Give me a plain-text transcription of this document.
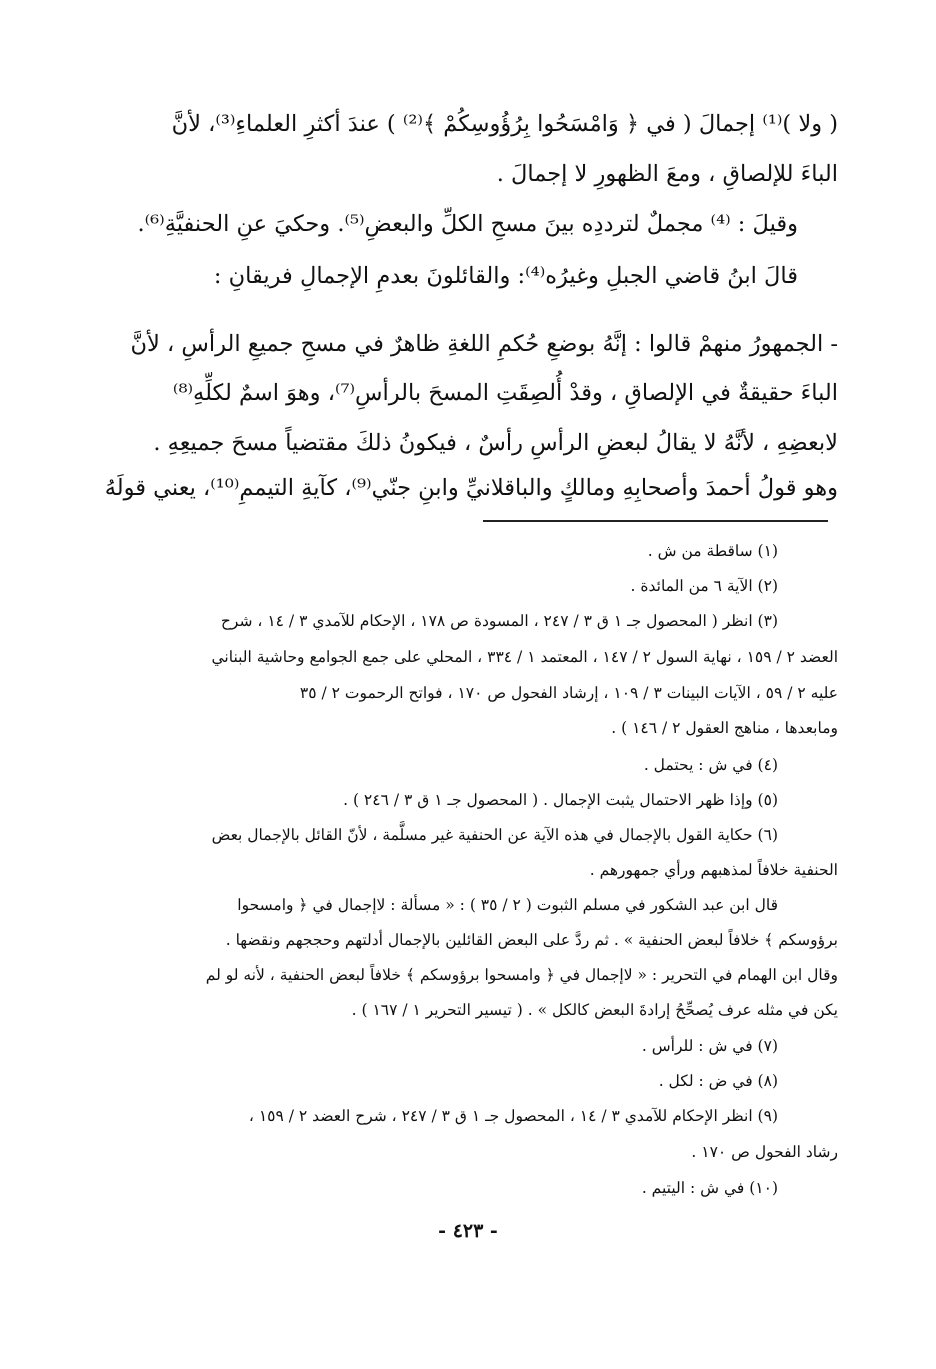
( ولا )⁽¹⁾ إجمالَ ( في ﴿ وَامْسَحُوا بِرُؤُوسِكُمْ ﴾⁽²⁾ ) عندَ أكثرِ العلماءِ⁽³⁾، لأنَّ
الباءَ للإلصاقِ ، ومعَ الظهورِ لا إجمالَ .
وقيلَ : ⁽⁴⁾ مجملٌ لترددِه بينَ مسحِ الكلِّ والبعضِ⁽⁵⁾. وحكيَ عنِ الحنفيَّةِ⁽⁶⁾.
قالَ ابنُ قاضي الجبلِ وغيرُه⁽⁴⁾: والقائلونَ بعدمِ الإجمالِ فريقانِ :
- الجمهورُ منهمْ قالوا : إنَّهُ بوضعِ حُكمِ اللغةِ ظاهرٌ في مسحِ جميعِ الرأسِ ، لأنَّ
الباءَ حقيقةٌ في الإلصاقِ ، وقدْ أُلصِقَتِ المسحَ بالرأسِ⁽⁷⁾، وهوَ اسمٌ لكلِّهِ⁽⁸⁾
لابعضِهِ ، لأنَّهُ لا يقالُ لبعضِ الرأسِ رأسٌ ، فيكونُ ذلكَ مقتضياً مسحَ جميعِهِ .
وهو قولُ أحمدَ وأصحابِهِ ومالكٍ والباقلانيِّ وابنِ جنّي⁽⁹⁾، كآيةِ التيممِ⁽¹⁰⁾، يعني قولَهُ
(١) ساقطة من ش .
(٢) الآية ٦ من المائدة .
(٣) انظر ( المحصول جـ ١ ق ٣ / ٢٤٧ ، المسودة ص ١٧٨ ، الإحكام للآمدي ٣ / ١٤ ، شرح
العضد ٢ / ١٥٩ ، نهاية السول ٢ / ١٤٧ ، المعتمد ١ / ٣٣٤ ، المحلي على جمع الجوامع وحاشية البناني
عليه ٢ / ٥٩ ، الآيات البينات ٣ / ١٠٩ ، إرشاد الفحول ص ١٧٠ ، فواتح الرحموت ٢ / ٣٥
ومابعدها ، مناهج العقول ٢ / ١٤٦ ) .
(٤) في ش : يحتمل .
(٥) وإذا ظهر الاحتمال يثبت الإجمال . ( المحصول جـ ١ ق ٣ / ٢٤٦ ) .
(٦) حكاية القول بالإجمال في هذه الآية عن الحنفية غير مسلَّمة ، لأنّ القائل بالإجمال بعض
الحنفية خلافاً لمذهبهم ورأي جمهورهم .
قال ابن عبد الشكور في مسلم الثبوت ( ٢ / ٣٥ ) : « مسألة : لاإجمال في ﴿ وامسحوا
برؤوسكم ﴾ خلافاً لبعض الحنفية » . ثم ردَّ على البعض القائلين بالإجمال أدلتهم وحججهم ونقضها .
وقال ابن الهمام في التحرير : « لاإجمال في ﴿ وامسحوا برؤوسكم ﴾ خلافاً لبعض الحنفية ، لأنه لو لم
يكن في مثله عرف يُصحِّحُ إرادةَ البعض كالكل » . ( تيسير التحرير ١ / ١٦٧ ) .
(٧) في ش : للرأس .
(٨) في ض : لكل .
(٩) انظر الإحكام للآمدي ٣ / ١٤ ، المحصول جـ ١ ق ٣ / ٢٤٧ ، شرح العضد ٢ / ١٥٩ ،
رشاد الفحول ص ١٧٠ .
(١٠) في ش : اليتيم .
- ٤٢٣ -
